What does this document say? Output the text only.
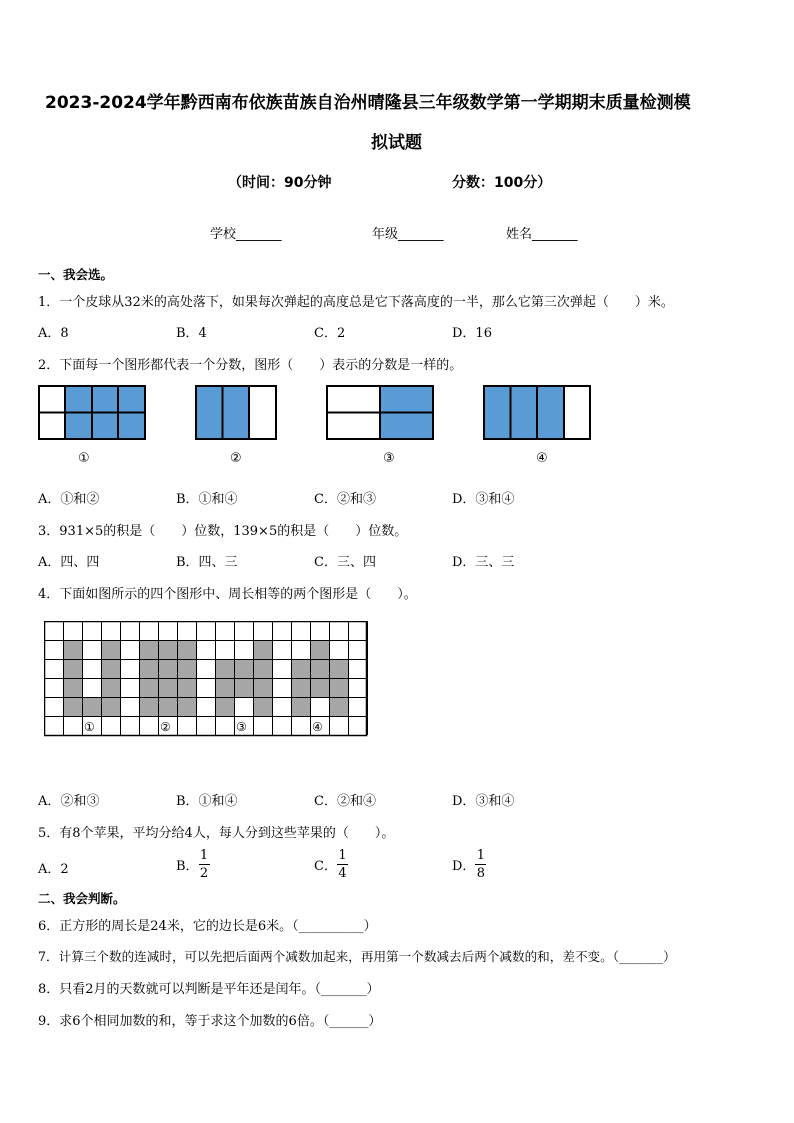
2023-2024学年黔西南布依族苗族自治州晴隆县三年级数学第一学期期末质量检测模
拟试题
（时间：90分钟	分数：100分）
学校_______	年级_______	姓名_______
一、我会选。
1．一个皮球从32米的高处落下，如果每次弹起的高度总是它下落高度的一半，那么它第三次弹起（　　）米。
A．8	B．4	C．2	D．16
2．下面每一个图形都代表一个分数，图形（　　）表示的分数是一样的。
①	②	③	④
A．①和②	B．①和④	C．②和③	D．③和④
3．931×5的积是（　　）位数，139×5的积是（　　）位数。
A．四、四	B．四、三	C．三、四	D．三、三
4．下面如图所示的四个图形中、周长相等的两个图形是（　　）。
①	②	③	④
A．②和③	B．①和④	C．②和④	D．③和④
5．有8个苹果，平均分给4人，每人分到这些苹果的（　　）。
A．2	B． $\frac{1}{2}$	C． $\frac{1}{4}$	D． $\frac{1}{8}$
二、我会判断。
6．正方形的周长是24米，它的边长是6米。（__________）
7．计算三个数的连减时，可以先把后面两个减数加起来，再用第一个数减去后两个减数的和，差不变。（_______）
8．只看2月的天数就可以判断是平年还是闰年。（_______）
9．求6个相同加数的和，等于求这个加数的6倍。（______）
